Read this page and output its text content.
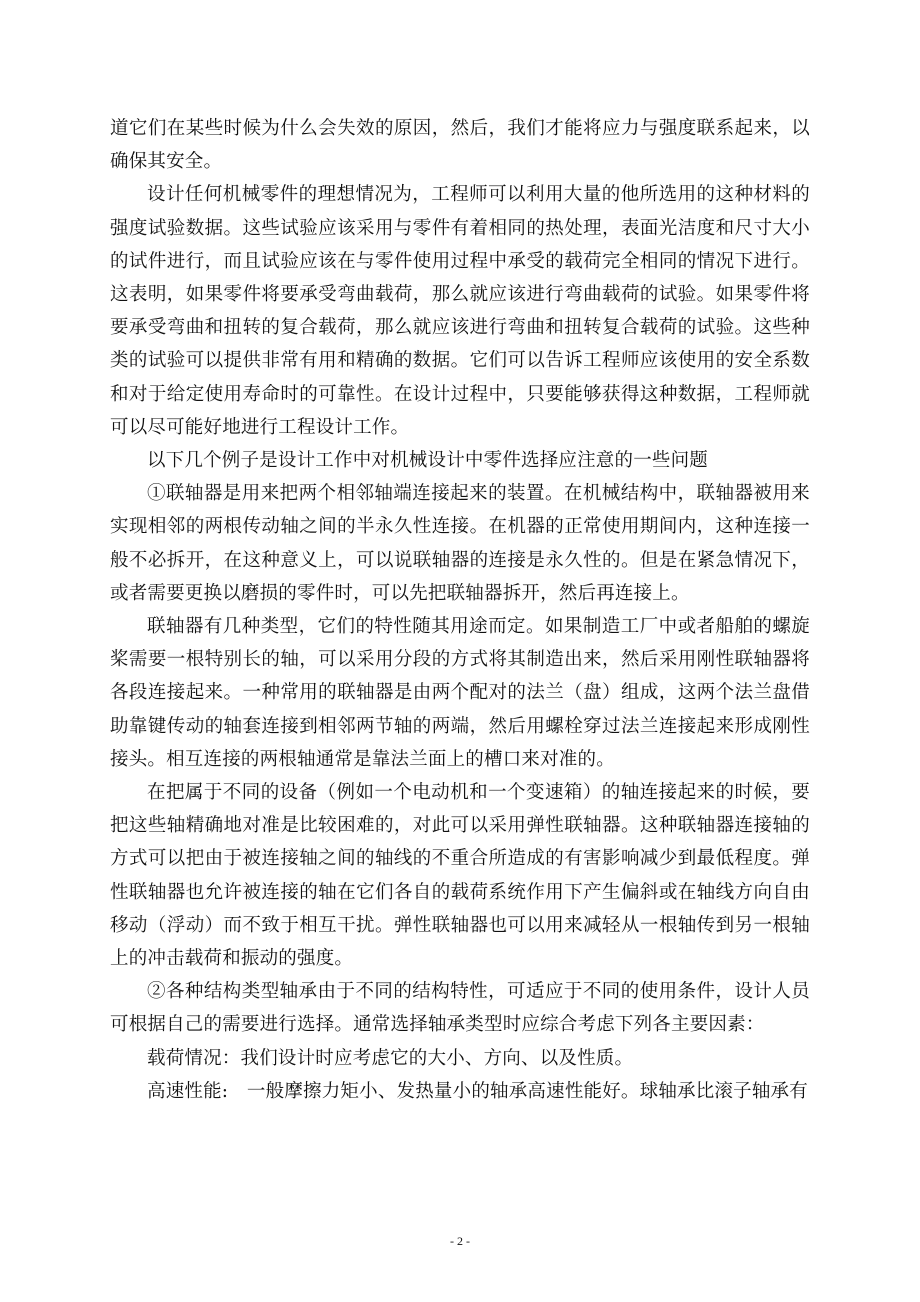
道它们在某些时候为什么会失效的原因，然后，我们才能将应力与强度联系起来，以确保其安全。

设计任何机械零件的理想情况为，工程师可以利用大量的他所选用的这种材料的强度试验数据。这些试验应该采用与零件有着相同的热处理，表面光洁度和尺寸大小的试件进行，而且试验应该在与零件使用过程中承受的载荷完全相同的情况下进行。这表明，如果零件将要承受弯曲载荷，那么就应该进行弯曲载荷的试验。如果零件将要承受弯曲和扭转的复合载荷，那么就应该进行弯曲和扭转复合载荷的试验。这些种类的试验可以提供非常有用和精确的数据。它们可以告诉工程师应该使用的安全系数和对于给定使用寿命时的可靠性。在设计过程中，只要能够获得这种数据，工程师就可以尽可能好地进行工程设计工作。

以下几个例子是设计工作中对机械设计中零件选择应注意的一些问题

①联轴器是用来把两个相邻轴端连接起来的装置。在机械结构中，联轴器被用来实现相邻的两根传动轴之间的半永久性连接。在机器的正常使用期间内，这种连接一般不必拆开，在这种意义上，可以说联轴器的连接是永久性的。但是在紧急情况下，或者需要更换以磨损的零件时，可以先把联轴器拆开，然后再连接上。

联轴器有几种类型，它们的特性随其用途而定。如果制造工厂中或者船舶的螺旋桨需要一根特别长的轴，可以采用分段的方式将其制造出来，然后采用刚性联轴器将各段连接起来。一种常用的联轴器是由两个配对的法兰（盘）组成，这两个法兰盘借助靠键传动的轴套连接到相邻两节轴的两端，然后用螺栓穿过法兰连接起来形成刚性接头。相互连接的两根轴通常是靠法兰面上的槽口来对准的。

在把属于不同的设备（例如一个电动机和一个变速箱）的轴连接起来的时候，要把这些轴精确地对准是比较困难的，对此可以采用弹性联轴器。这种联轴器连接轴的方式可以把由于被连接轴之间的轴线的不重合所造成的有害影响减少到最低程度。弹性联轴器也允许被连接的轴在它们各自的载荷系统作用下产生偏斜或在轴线方向自由移动（浮动）而不致于相互干扰。弹性联轴器也可以用来减轻从一根轴传到另一根轴上的冲击载荷和振动的强度。

②各种结构类型轴承由于不同的结构特性，可适应于不同的使用条件，设计人员可根据自己的需要进行选择。通常选择轴承类型时应综合考虑下列各主要因素：

载荷情况：我们设计时应考虑它的大小、方向、以及性质。

高速性能:　一般摩擦力矩小、发热量小的轴承高速性能好。球轴承比滚子轴承有

- 2 -
